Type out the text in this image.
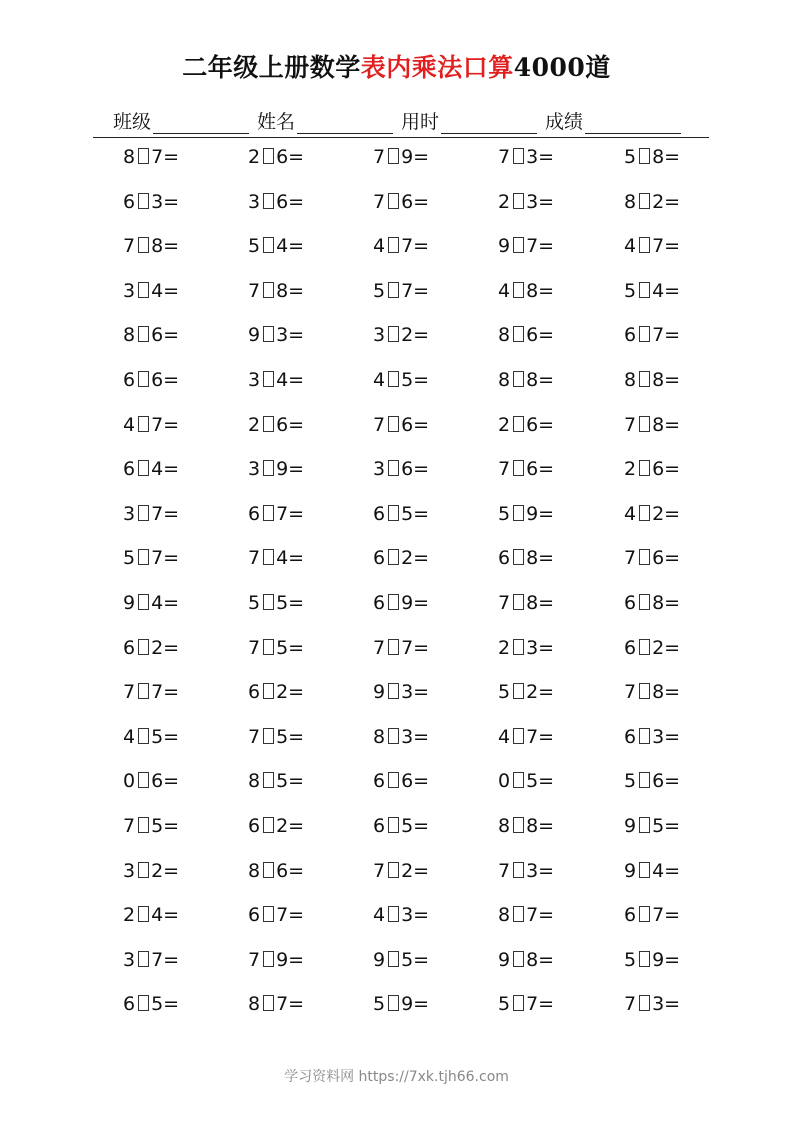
二年级上册数学表内乘法口算4000道
班级	姓名	用时	成绩
8 7=	2 6=	7 9=	7 3=	5 8=
6 3=	3 6=	7 6=	2 3=	8 2=
7 8=	5 4=	4 7=	9 7=	4 7=
3 4=	7 8=	5 7=	4 8=	5 4=
8 6=	9 3=	3 2=	8 6=	6 7=
6 6=	3 4=	4 5=	8 8=	8 8=
4 7=	2 6=	7 6=	2 6=	7 8=
6 4=	3 9=	3 6=	7 6=	2 6=
3 7=	6 7=	6 5=	5 9=	4 2=
5 7=	7 4=	6 2=	6 8=	7 6=
9 4=	5 5=	6 9=	7 8=	6 8=
6 2=	7 5=	7 7=	2 3=	6 2=
7 7=	6 2=	9 3=	5 2=	7 8=
4 5=	7 5=	8 3=	4 7=	6 3=
0 6=	8 5=	6 6=	0 5=	5 6=
7 5=	6 2=	6 5=	8 8=	9 5=
3 2=	8 6=	7 2=	7 3=	9 4=
2 4=	6 7=	4 3=	8 7=	6 7=
3 7=	7 9=	9 5=	9 8=	5 9=
6 5=	8 7=	5 9=	5 7=	7 3=
学习资料网 https://7xk.tjh66.com
